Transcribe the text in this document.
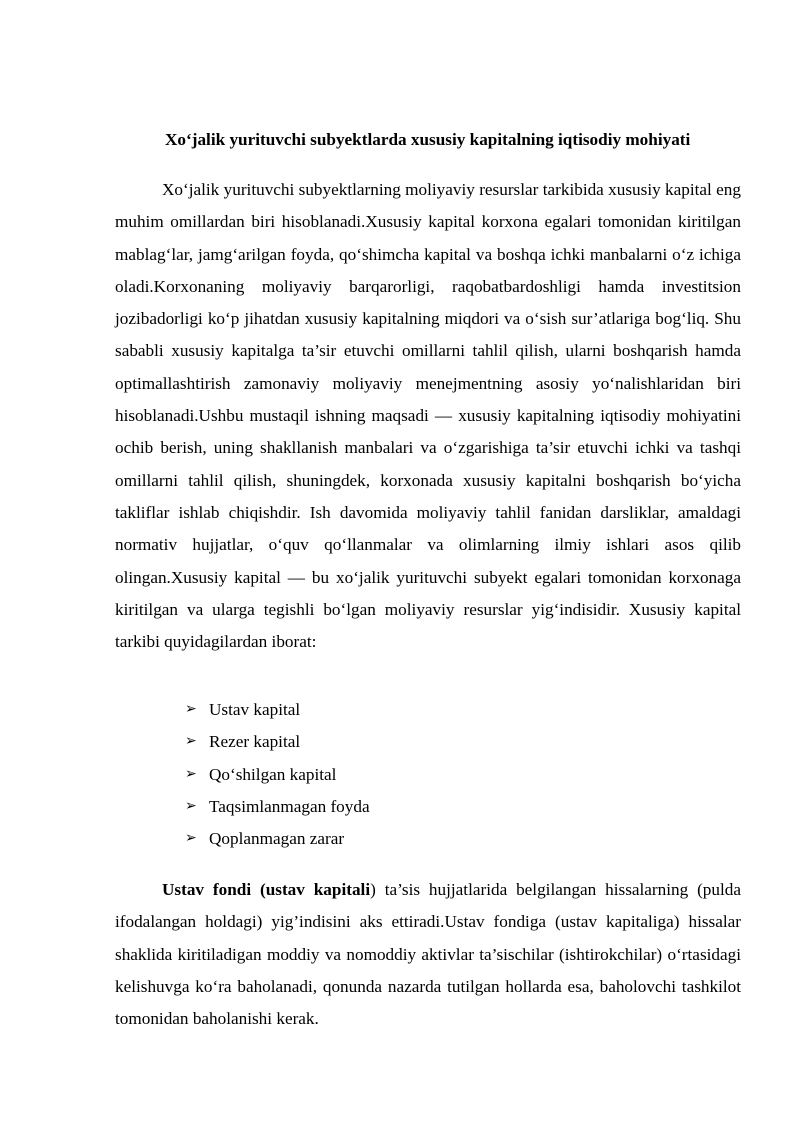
Xo‘jalik yurituvchi subyektlarda xususiy kapitalning iqtisodiy mohiyati

Xo‘jalik yurituvchi subyektlarning moliyaviy resurslar tarkibida xususiy kapital eng muhim omillardan biri hisoblanadi.Xususiy kapital korxona egalari tomonidan kiritilgan mablag‘lar, jamg‘arilgan foyda, qo‘shimcha kapital va boshqa ichki manbalarni o‘z ichiga oladi.Korxonaning moliyaviy barqarorligi, raqobatbardoshligi hamda investitsion jozibadorligi ko‘p jihatdan xususiy kapitalning miqdori va o‘sish sur’atlariga bog‘liq. Shu sababli xususiy kapitalga ta’sir etuvchi omillarni tahlil qilish, ularni boshqarish hamda optimallashtirish zamonaviy moliyaviy menejmentning asosiy yo‘nalishlaridan biri hisoblanadi.Ushbu mustaqil ishning maqsadi — xususiy kapitalning iqtisodiy mohiyatini ochib berish, uning shakllanish manbalari va o‘zgarishiga ta’sir etuvchi ichki va tashqi omillarni tahlil qilish, shuningdek, korxonada xususiy kapitalni boshqarish bo‘yicha takliflar ishlab chiqishdir. Ish davomida moliyaviy tahlil fanidan darsliklar, amaldagi normativ hujjatlar, o‘quv qo‘llanmalar va olimlarning ilmiy ishlari asos qilib olingan.Xususiy kapital — bu xo‘jalik yurituvchi subyekt egalari tomonidan korxonaga kiritilgan va ularga tegishli bo‘lgan moliyaviy resurslar yig‘indisidir. Xususiy kapital tarkibi quyidagilardan iborat:

➢ Ustav kapital
➢ Rezer kapital
➢ Qo‘shilgan kapital
➢ Taqsimlanmagan foyda
➢ Qoplanmagan zarar

Ustav fondi (ustav kapitali) ta’sis hujjatlarida belgilangan hissalarning (pulda ifodalangan holdagi) yig’indisini aks ettiradi.Ustav fondiga (ustav kapitaliga) hissalar shaklida kiritiladigan moddiy va nomoddiy aktivlar ta’sischilar (ishtirokchilar) o‘rtasidagi kelishuvga ko‘ra baholanadi, qonunda nazarda tutilgan hollarda esa, baholovchi tashkilot tomonidan baholanishi kerak.
